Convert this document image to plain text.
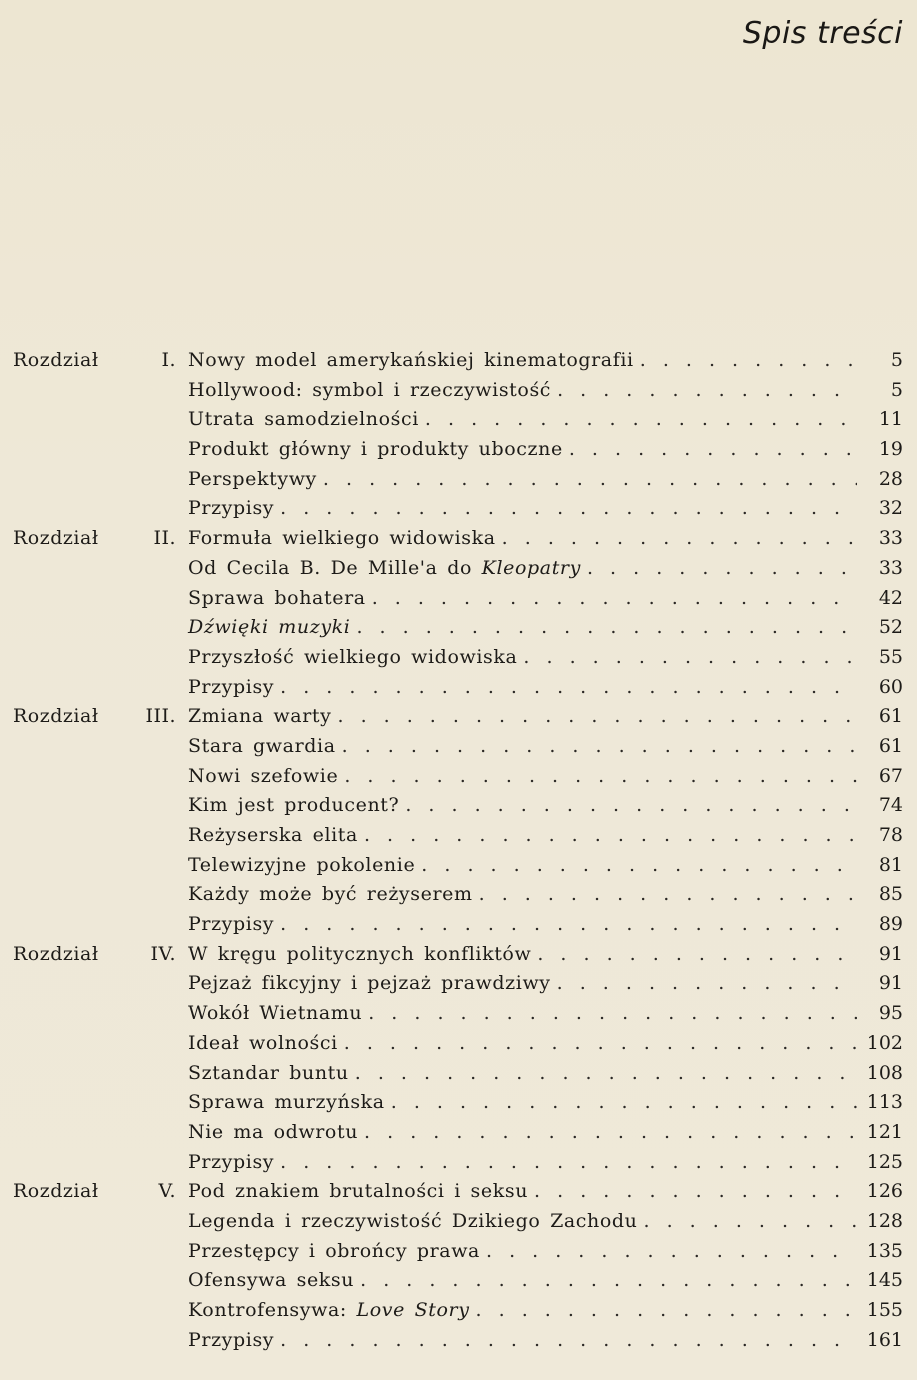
Spis treści
Rozdział	I. Nowy model amerykańskiej kinematografii . . .	5
Hollywood: symbol i rzeczywistość . . .	5
Utrata samodzielności . . .	11
Produkt główny i produkty uboczne . . .	19
Perspektywy . . .	28
Przypisy . . .	32
Rozdział	II. Formuła wielkiego widowiska . . .	33
Od Cecila B. De Mille'a do Kleopatry . . .	33
Sprawa bohatera . . .	42
Dźwięki muzyki . . .	52
Przyszłość wielkiego widowiska . . .	55
Przypisy . . .	60
Rozdział	III. Zmiana warty . . .	61
Stara gwardia . . .	61
Nowi szefowie . . .	67
Kim jest producent? . . .	74
Reżyserska elita . . .	78
Telewizyjne pokolenie . . .	81
Każdy może być reżyserem . . .	85
Przypisy . . .	89
Rozdział	IV. W kręgu politycznych konfliktów . . .	91
Pejzaż fikcyjny i pejzaż prawdziwy . . .	91
Wokół Wietnamu . . .	95
Ideał wolności . . .	102
Sztandar buntu . . .	108
Sprawa murzyńska . . .	113
Nie ma odwrotu . . .	121
Przypisy . . .	125
Rozdział	V. Pod znakiem brutalności i seksu . . .	126
Legenda i rzeczywistość Dzikiego Zachodu . . .	128
Przestępcy i obrońcy prawa . . .	135
Ofensywa seksu . . .	145
Kontrofensywa: Love Story . . .	155
Przypisy . . .	161
